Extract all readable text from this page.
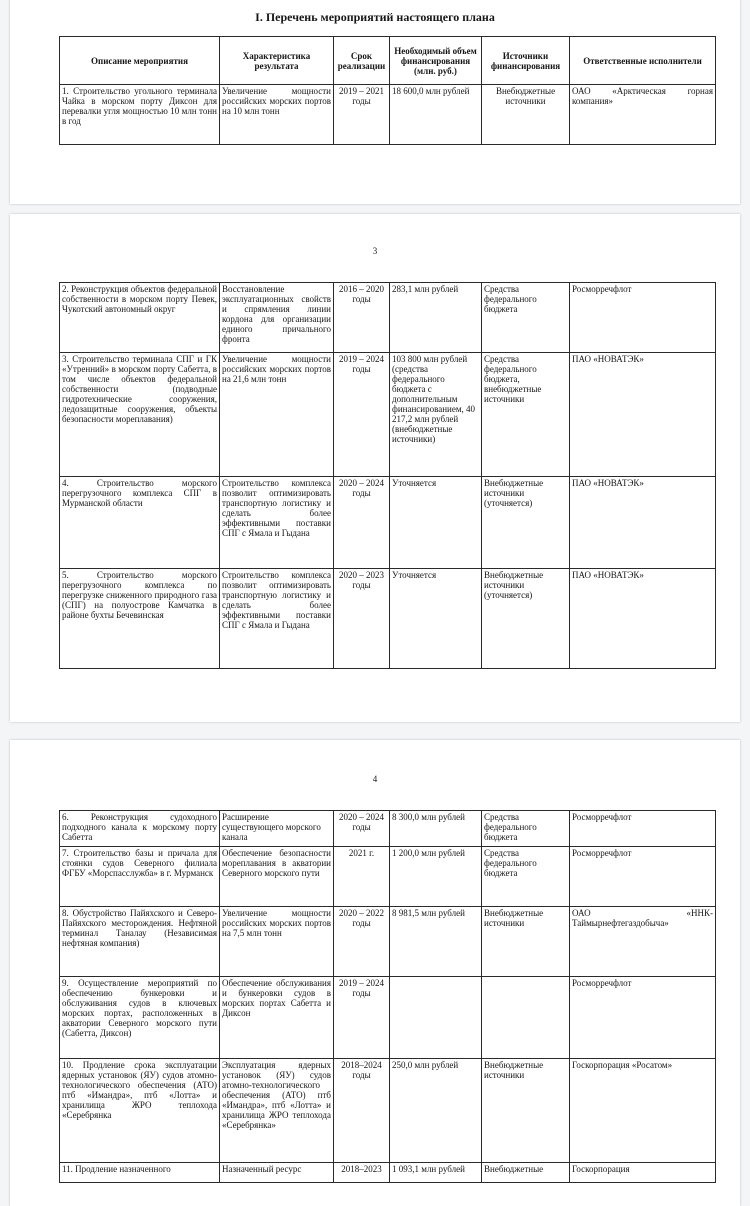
I. Перечень мероприятий настоящего плана
Описание мероприятия	Характеристика результата	Срок реализации	Необходимый объем финансирования (млн. руб.)	Источники финансирования	Ответственные исполнители
1. Строительство угольного терминала Чайка в морском порту Диксон для перевалки угля мощностью 10 млн тонн в год	Увеличение мощности российских морских портов на 10 млн тонн	2019 – 2021 годы	18 600,0 млн рублей	Внебюджетные источники	ОАО «Арктическая горная компания»
3
2. Реконструкция объектов федеральной собственности в морском порту Певек, Чукотский автономный округ	Восстановление эксплуатационных свойств и спрямления линии кордона для организации единого причального фронта	2016 – 2020 годы	283,1 млн рублей	Средства федерального бюджета	Росморречфлот
3. Строительство терминала СПГ и ГК «Утренний» в морском порту Сабетта, в том числе объектов федеральной собственности (подводные гидротехнические сооружения, ледозащитные сооружения, объекты безопасности мореплавания)	Увеличение мощности российских морских портов на 21,6 млн тонн	2019 – 2024 годы	103 800 млн рублей (средства федерального бюджета с дополнительным финансированием, 40 217,2 млн рублей (внебюджетные источники)	Средства федерального бюджета, внебюджетные источники	ПАО «НОВАТЭК»
4. Строительство морского перегрузочного комплекса СПГ в Мурманской области	Строительство комплекса позволит оптимизировать транспортную логистику и сделать более эффективными поставки СПГ с Ямала и Гыдана	2020 – 2024 годы	Уточняется	Внебюджетные источники (уточняется)	ПАО «НОВАТЭК»
5. Строительство морского перегрузочного комплекса по перегрузке сниженного природного газа (СПГ) на полуострове Камчатка в районе бухты Бечевинская	Строительство комплекса позволит оптимизировать транспортную логистику и сделать более эффективными поставки СПГ с Ямала и Гыдана	2020 – 2023 годы	Уточняется	Внебюджетные источники (уточняется)	ПАО «НОВАТЭК»
4
6. Реконструкция судоходного подходного канала к морскому порту Сабетта	Расширение существующего морского канала	2020 – 2024 годы	8 300,0 млн рублей	Средства федерального бюджета	Росморречфлот
7. Строительство базы и причала для стоянки судов Северного филиала ФГБУ «Морспасслужба» в г. Мурманск	Обеспечение безопасности мореплавания в акватории Северного морского пути	2021 г.	1 200,0 млн рублей	Средства федерального бюджета	Росморречфлот
8. Обустройство Пайяхского и Северо-Пайяхского месторождения. Нефтяной терминал Таналау (Независимая нефтяная компания)	Увеличение мощности российских морских портов на 7,5 млн тонн	2020 – 2022 годы	8 981,5 млн рублей	Внебюджетные источники	ОАО «ННК-Таймырнефтегаздобыча»
9. Осуществление мероприятий по обеспечению бункеровки и обслуживания судов в ключевых морских портах, расположенных в акватории Северного морского пути (Сабетта, Диксон)	Обеспечение обслуживания и бункеровки судов в морских портах Сабетта и Диксон	2019 – 2024 годы			Росморречфлот
10. Продление срока эксплуатации ядерных установок (ЯУ) судов атомно-технологического обеспечения (АТО) птб «Имандра», птб «Лотта» и хранилища ЖРО теплохода «Серебрянка	Эксплуатация ядерных установок (ЯУ) судов атомно-технологического обеспечения (АТО) птб «Имандра», птб «Лотта» и хранилища ЖРО теплохода «Серебрянка»	2018–2024 годы	250,0 млн рублей	Внебюджетные источники	Госкорпорация «Росатом»
11. Продление назначенного	Назначенный ресурс	2018–2023	1 093,1 млн рублей	Внебюджетные	Госкорпорация
